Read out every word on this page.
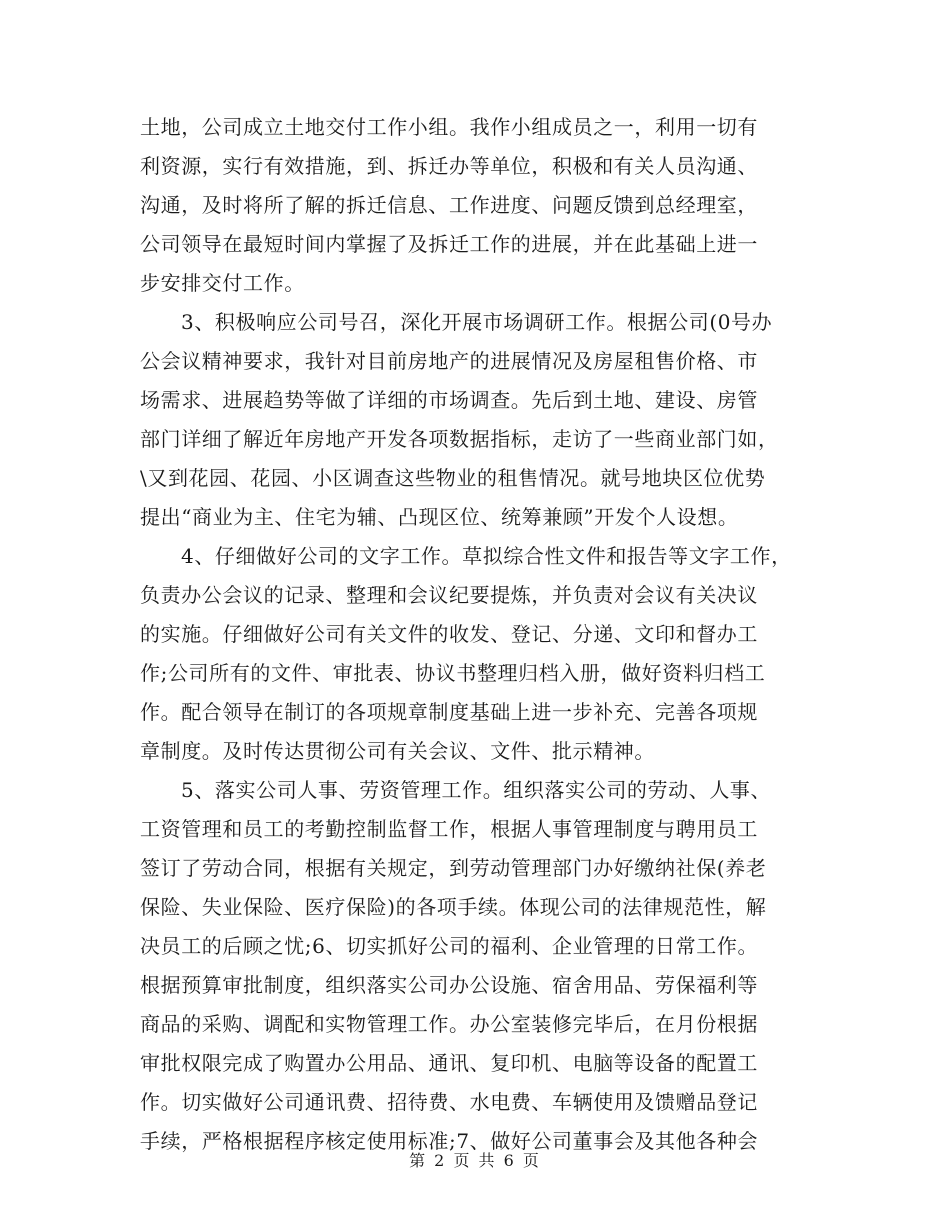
土地，公司成立土地交付工作小组。我作小组成员之一，利用一切有
利资源，实行有效措施，到、拆迁办等单位，积极和有关人员沟通、
沟通，及时将所了解的拆迁信息、工作进度、问题反馈到总经理室，
公司领导在最短时间内掌握了及拆迁工作的进展，并在此基础上进一
步安排交付工作。
3、积极响应公司号召，深化开展市场调研工作。根据公司(0号办
公会议精神要求，我针对目前房地产的进展情况及房屋租售价格、市
场需求、进展趋势等做了详细的市场调查。先后到土地、建设、房管
部门详细了解近年房地产开发各项数据指标，走访了一些商业部门如，
\又到花园、花园、小区调查这些物业的租售情况。就号地块区位优势
提出“商业为主、住宅为辅、凸现区位、统筹兼顾”开发个人设想。
4、仔细做好公司的文字工作。草拟综合性文件和报告等文字工作，
负责办公会议的记录、整理和会议纪要提炼，并负责对会议有关决议
的实施。仔细做好公司有关文件的收发、登记、分递、文印和督办工
作;公司所有的文件、审批表、协议书整理归档入册，做好资料归档工
作。配合领导在制订的各项规章制度基础上进一步补充、完善各项规
章制度。及时传达贯彻公司有关会议、文件、批示精神。
5、落实公司人事、劳资管理工作。组织落实公司的劳动、人事、
工资管理和员工的考勤控制监督工作，根据人事管理制度与聘用员工
签订了劳动合同，根据有关规定，到劳动管理部门办好缴纳社保(养老
保险、失业保险、医疗保险)的各项手续。体现公司的法律规范性，解
决员工的后顾之忧;6、切实抓好公司的福利、企业管理的日常工作。
根据预算审批制度，组织落实公司办公设施、宿舍用品、劳保福利等
商品的采购、调配和实物管理工作。办公室装修完毕后，在月份根据
审批权限完成了购置办公用品、通讯、复印机、电脑等设备的配置工
作。切实做好公司通讯费、招待费、水电费、车辆使用及馈赠品登记
手续，严格根据程序核定使用标准;7、做好公司董事会及其他各种会
第 2 页 共 6 页
